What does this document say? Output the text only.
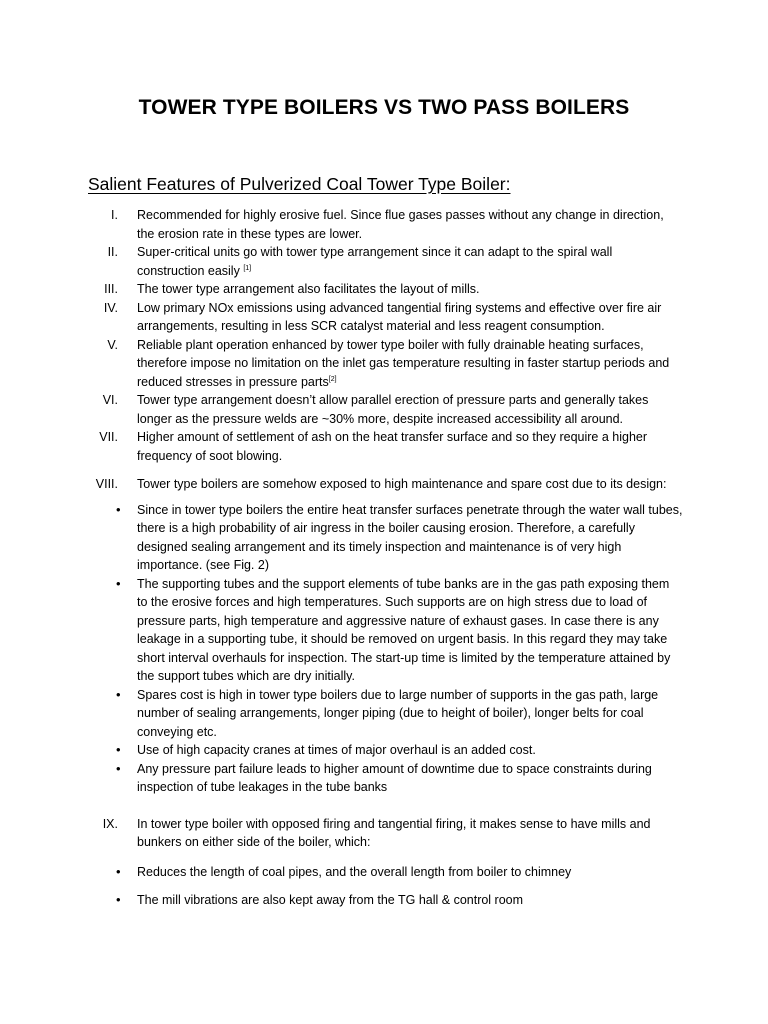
TOWER TYPE BOILERS VS TWO PASS BOILERS
Salient Features of Pulverized Coal Tower Type Boiler:
I. Recommended for highly erosive fuel. Since flue gases passes without any change in direction, the erosion rate in these types are lower.
II. Super-critical units go with tower type arrangement since it can adapt to the spiral wall construction easily [1]
III. The tower type arrangement also facilitates the layout of mills.
IV. Low primary NOx emissions using advanced tangential firing systems and effective over fire air arrangements, resulting in less SCR catalyst material and less reagent consumption.
V. Reliable plant operation enhanced by tower type boiler with fully drainable heating surfaces, therefore impose no limitation on the inlet gas temperature resulting in faster startup periods and reduced stresses in pressure parts[2]
VI. Tower type arrangement doesn’t allow parallel erection of pressure parts and generally takes longer as the pressure welds are ~30% more, despite increased accessibility all around.
VII. Higher amount of settlement of ash on the heat transfer surface and so they require a higher frequency of soot blowing.
VIII. Tower type boilers are somehow exposed to high maintenance and spare cost due to its design:
• Since in tower type boilers the entire heat transfer surfaces penetrate through the water wall tubes, there is a high probability of air ingress in the boiler causing erosion. Therefore, a carefully designed sealing arrangement and its timely inspection and maintenance is of very high importance. (see Fig. 2)
• The supporting tubes and the support elements of tube banks are in the gas path exposing them to the erosive forces and high temperatures. Such supports are on high stress due to load of pressure parts, high temperature and aggressive nature of exhaust gases. In case there is any leakage in a supporting tube, it should be removed on urgent basis. In this regard they may take short interval overhauls for inspection. The start-up time is limited by the temperature attained by the support tubes which are dry initially.
• Spares cost is high in tower type boilers due to large number of supports in the gas path, large number of sealing arrangements, longer piping (due to height of boiler), longer belts for coal conveying etc.
• Use of high capacity cranes at times of major overhaul is an added cost.
• Any pressure part failure leads to higher amount of downtime due to space constraints during inspection of tube leakages in the tube banks
IX. In tower type boiler with opposed firing and tangential firing, it makes sense to have mills and bunkers on either side of the boiler, which:
• Reduces the length of coal pipes, and the overall length from boiler to chimney
• The mill vibrations are also kept away from the TG hall & control room
